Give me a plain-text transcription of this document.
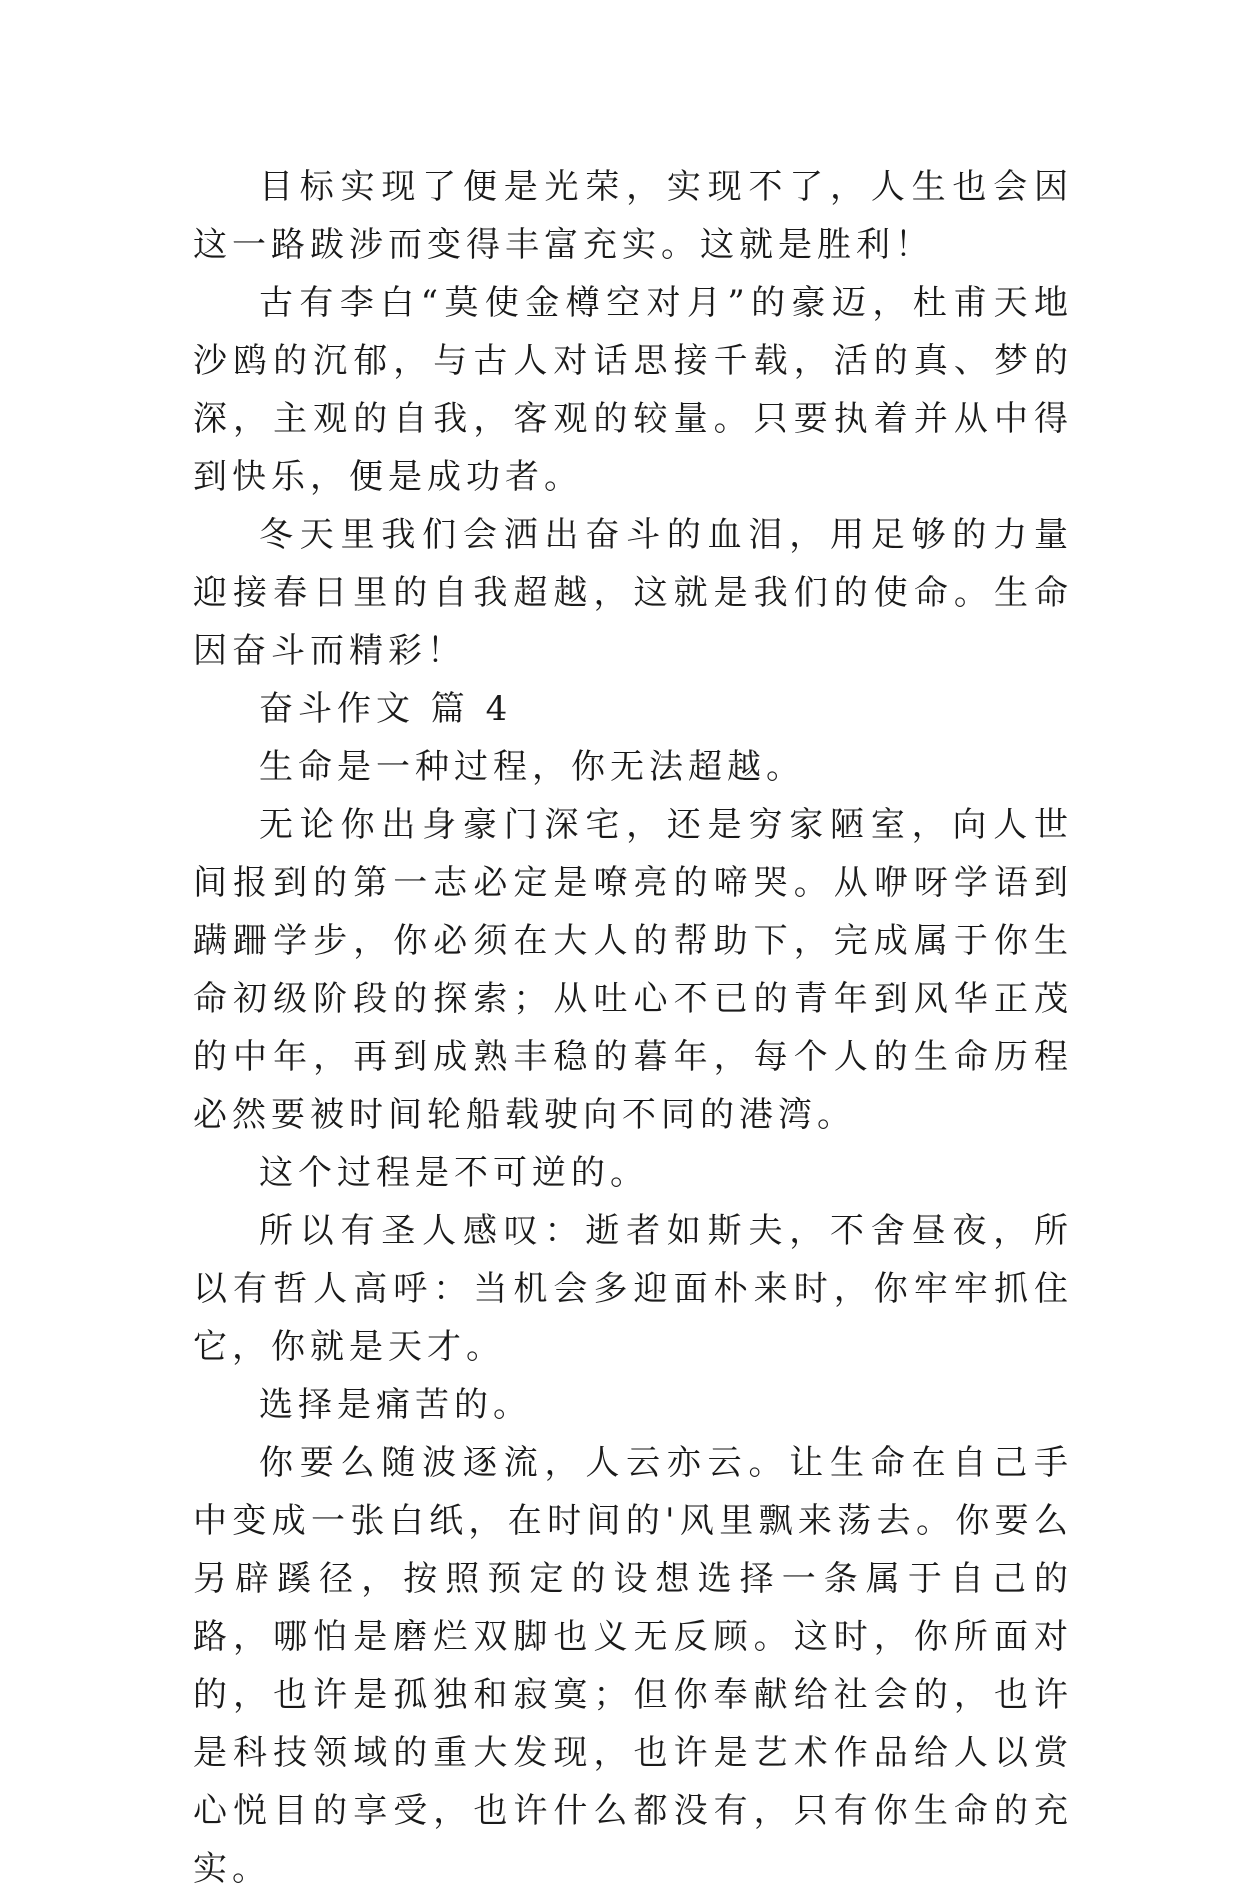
目标实现了便是光荣，实现不了，人生也会因这一路跋涉而变得丰富充实。这就是胜利！

古有李白“莫使金樽空对月”的豪迈，杜甫天地沙鸥的沉郁，与古人对话思接千载，活的真、梦的深，主观的自我，客观的较量。只要执着并从中得到快乐，便是成功者。

冬天里我们会洒出奋斗的血泪，用足够的力量迎接春日里的自我超越，这就是我们的使命。生命因奋斗而精彩！

奋斗作文 篇 4

生命是一种过程，你无法超越。

无论你出身豪门深宅，还是穷家陋室，向人世间报到的第一志必定是嘹亮的啼哭。从咿呀学语到蹒跚学步，你必须在大人的帮助下，完成属于你生命初级阶段的探索；从吐心不已的青年到风华正茂的中年，再到成熟丰稳的暮年，每个人的生命历程必然要被时间轮船载驶向不同的港湾。

这个过程是不可逆的。

所以有圣人感叹：逝者如斯夫，不舍昼夜，所以有哲人高呼：当机会多迎面朴来时，你牢牢抓住它，你就是天才。

选择是痛苦的。

你要么随波逐流，人云亦云。让生命在自己手中变成一张白纸，在时间的'风里飘来荡去。你要么另辟蹊径，按照预定的设想选择一条属于自己的路，哪怕是磨烂双脚也义无反顾。这时，你所面对的，也许是孤独和寂寞；但你奉献给社会的，也许是科技领域的重大发现，也许是艺术作品给人以赏心悦目的享受，也许什么都没有，只有你生命的充实。
